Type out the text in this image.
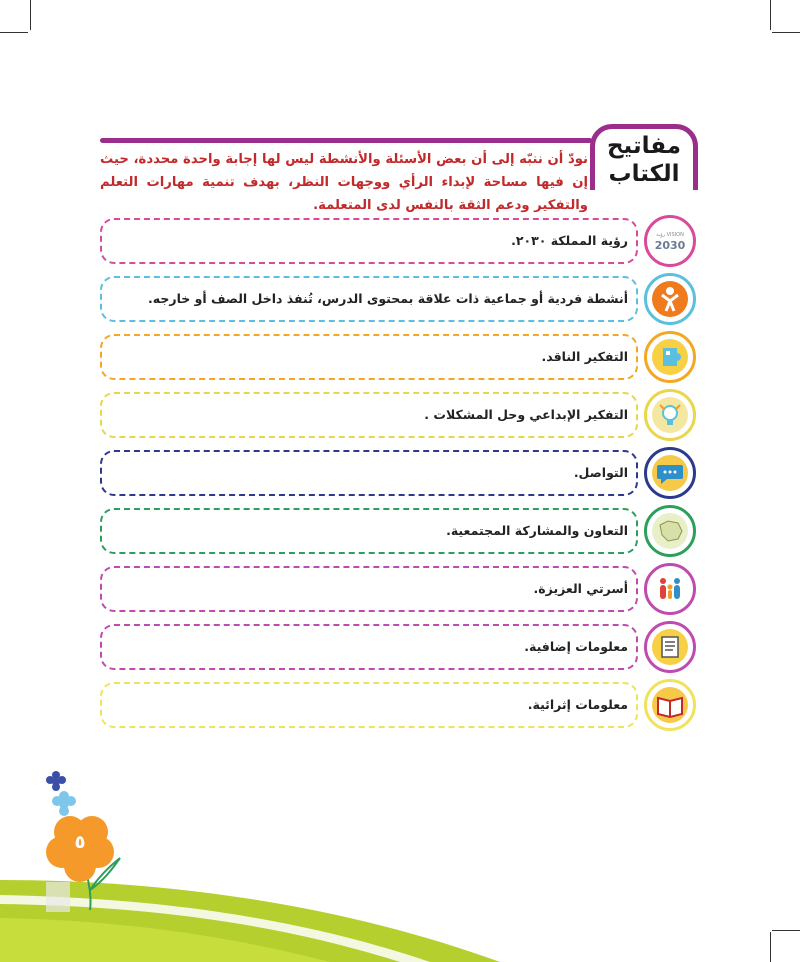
مفاتيح
الكتاب
نودّ أن ننبّه إلى أن بعض الأسئلة والأنشطة ليس لها إجابة واحدة محددة، حيث إن فيها مساحة لإبداء الرأي ووجهات النظر، بهدف تنمية مهارات التعلم والتفكير ودعم الثقة بالنفس لدى المتعلمة.
رؤية المملكة ٢٠٣٠.	رؤية VISION
2030
أنشطة فردية أو جماعية ذات علاقة بمحتوى الدرس، تُنفذ داخل الصف أو خارجه.
التفكير الناقد.
التفكير الإبداعي وحل المشكلات .
التواصل.
التعاون والمشاركة المجتمعية.
أسرتي العزيزة.
معلومات إضافية.
معلومات إثرائية.
٥
